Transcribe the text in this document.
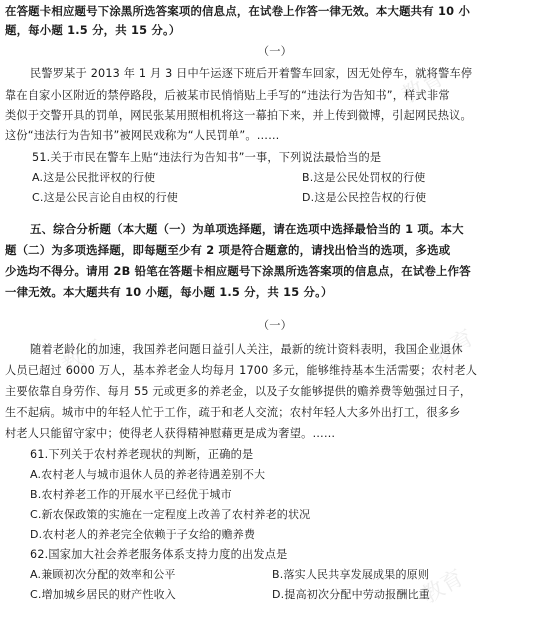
教育
教育
教育
教育
在答题卡相应题号下涂黑所选答案项的信息点，在试卷上作答一律无效。本大题共有 10 小
题，每小题 1.5 分，共 15 分。）
（一）
民警罗某于 2013 年 1 月 3 日中午运逐下班后开着警车回家，因无处停车，就将警车停
靠在自家小区附近的禁停路段，后被某市民悄悄贴上手写的“违法行为告知书”，样式非常
类似于交警开具的罚单，网民张某用照相机将这一幕拍下来，并上传到微博，引起网民热议。
这份“违法行为告知书”被网民戏称为“人民罚单”。……
51.关于市民在警车上贴“违法行为告知书”一事，下列说法最恰当的是
A.这是公民批评权的行使	B.这是公民处罚权的行使
C.这是公民言论自由权的行使	D.这是公民控告权的行使
五、综合分析题（本大题（一）为单项选择题，请在选项中选择最恰当的 1 项。本大
题（二）为多项选择题，即每题至少有 2 项是符合题意的，请找出恰当的选项，多选或
少选均不得分。请用 2B 铅笔在答题卡相应题号下涂黑所选答案项的信息点，在试卷上作答
一律无效。本大题共有 10 小题，每小题 1.5 分，共 15 分。）
（一）
随着老龄化的加速，我国养老问题日益引人关注，最新的统计资料表明，我国企业退休
人员已超过 6000 万人，基本养老金人均每月 1700 多元，能够维持基本生活需要；农村老人
主要依靠自身劳作、每月 55 元或更多的养老金，以及子女能够提供的赡养费等勉强过日子，
生不起病。城市中的年轻人忙于工作，疏于和老人交流；农村年轻人大多外出打工，很多乡
村老人只能留守家中；使得老人获得精神慰藉更是成为奢望。……
61.下列关于农村养老现状的判断，正确的是
A.农村老人与城市退休人员的养老待遇差别不大
B.农村养老工作的开展水平已经优于城市
C.新农保政策的实施在一定程度上改善了农村养老的状况
D.农村老人的养老完全依赖于子女给的赡养费
62.国家加大社会养老服务体系支持力度的出发点是
A.兼顾初次分配的效率和公平	B.落实人民共享发展成果的原则
C.增加城乡居民的财产性收入	D.提高初次分配中劳动报酬比重
